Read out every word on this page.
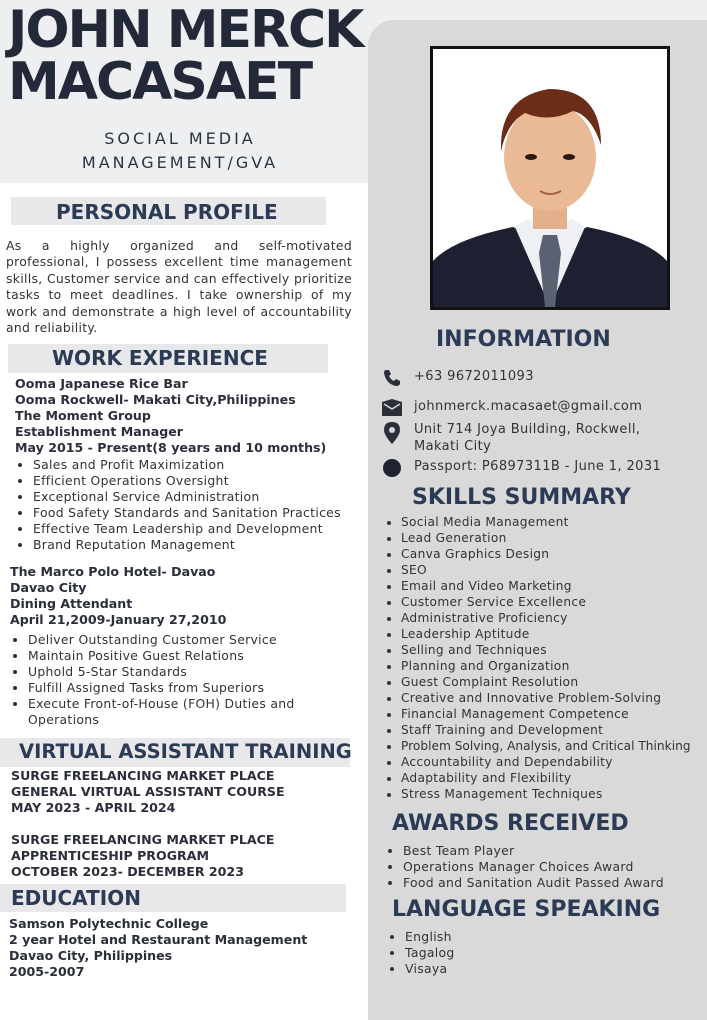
JOHN MERCK
MACASAET
SOCIAL MEDIA
MANAGEMENT/GVA
PERSONAL PROFILE
As a highly organized and self-motivated professional, I possess excellent time management skills, Customer service and can effectively prioritize tasks to meet deadlines. I take ownership of my work and demonstrate a high level of accountability and reliability.
WORK EXPERIENCE
Ooma Japanese Rice Bar
Ooma Rockwell- Makati City,Philippines
The Moment Group
Establishment Manager
May 2015 - Present(8 years and 10 months)
• Sales and Profit Maximization
• Efficient Operations Oversight
• Exceptional Service Administration
• Food Safety Standards and Sanitation Practices
• Effective Team Leadership and Development
• Brand Reputation Management
The Marco Polo Hotel- Davao
Davao City
Dining Attendant
April 21,2009-January 27,2010
• Deliver Outstanding Customer Service
• Maintain Positive Guest Relations
• Uphold 5-Star Standards
• Fulfill Assigned Tasks from Superiors
• Execute Front-of-House (FOH) Duties and Operations
VIRTUAL ASSISTANT TRAINING
SURGE FREELANCING MARKET PLACE
GENERAL VIRTUAL ASSISTANT COURSE
MAY 2023 - APRIL 2024
SURGE FREELANCING MARKET PLACE
APPRENTICESHIP PROGRAM
OCTOBER 2023- DECEMBER 2023
EDUCATION
Samson Polytechnic College
2 year Hotel and Restaurant Management
Davao City, Philippines
2005-2007
INFORMATION
+63 9672011093
johnmerck.macasaet@gmail.com
Unit 714 Joya Building, Rockwell, Makati City
Passport: P6897311B - June 1, 2031
SKILLS SUMMARY
• Social Media Management
• Lead Generation
• Canva Graphics Design
• SEO
• Email and Video Marketing
• Customer Service Excellence
• Administrative Proficiency
• Leadership Aptitude
• Selling and Techniques
• Planning and Organization
• Guest Complaint Resolution
• Creative and Innovative Problem-Solving
• Financial Management Competence
• Staff Training and Development
• Problem Solving, Analysis, and Critical Thinking
• Accountability and Dependability
• Adaptability and Flexibility
• Stress Management Techniques
AWARDS RECEIVED
• Best Team Player
• Operations Manager Choices Award
• Food and Sanitation Audit Passed Award
LANGUAGE SPEAKING
• English
• Tagalog
• Visaya
